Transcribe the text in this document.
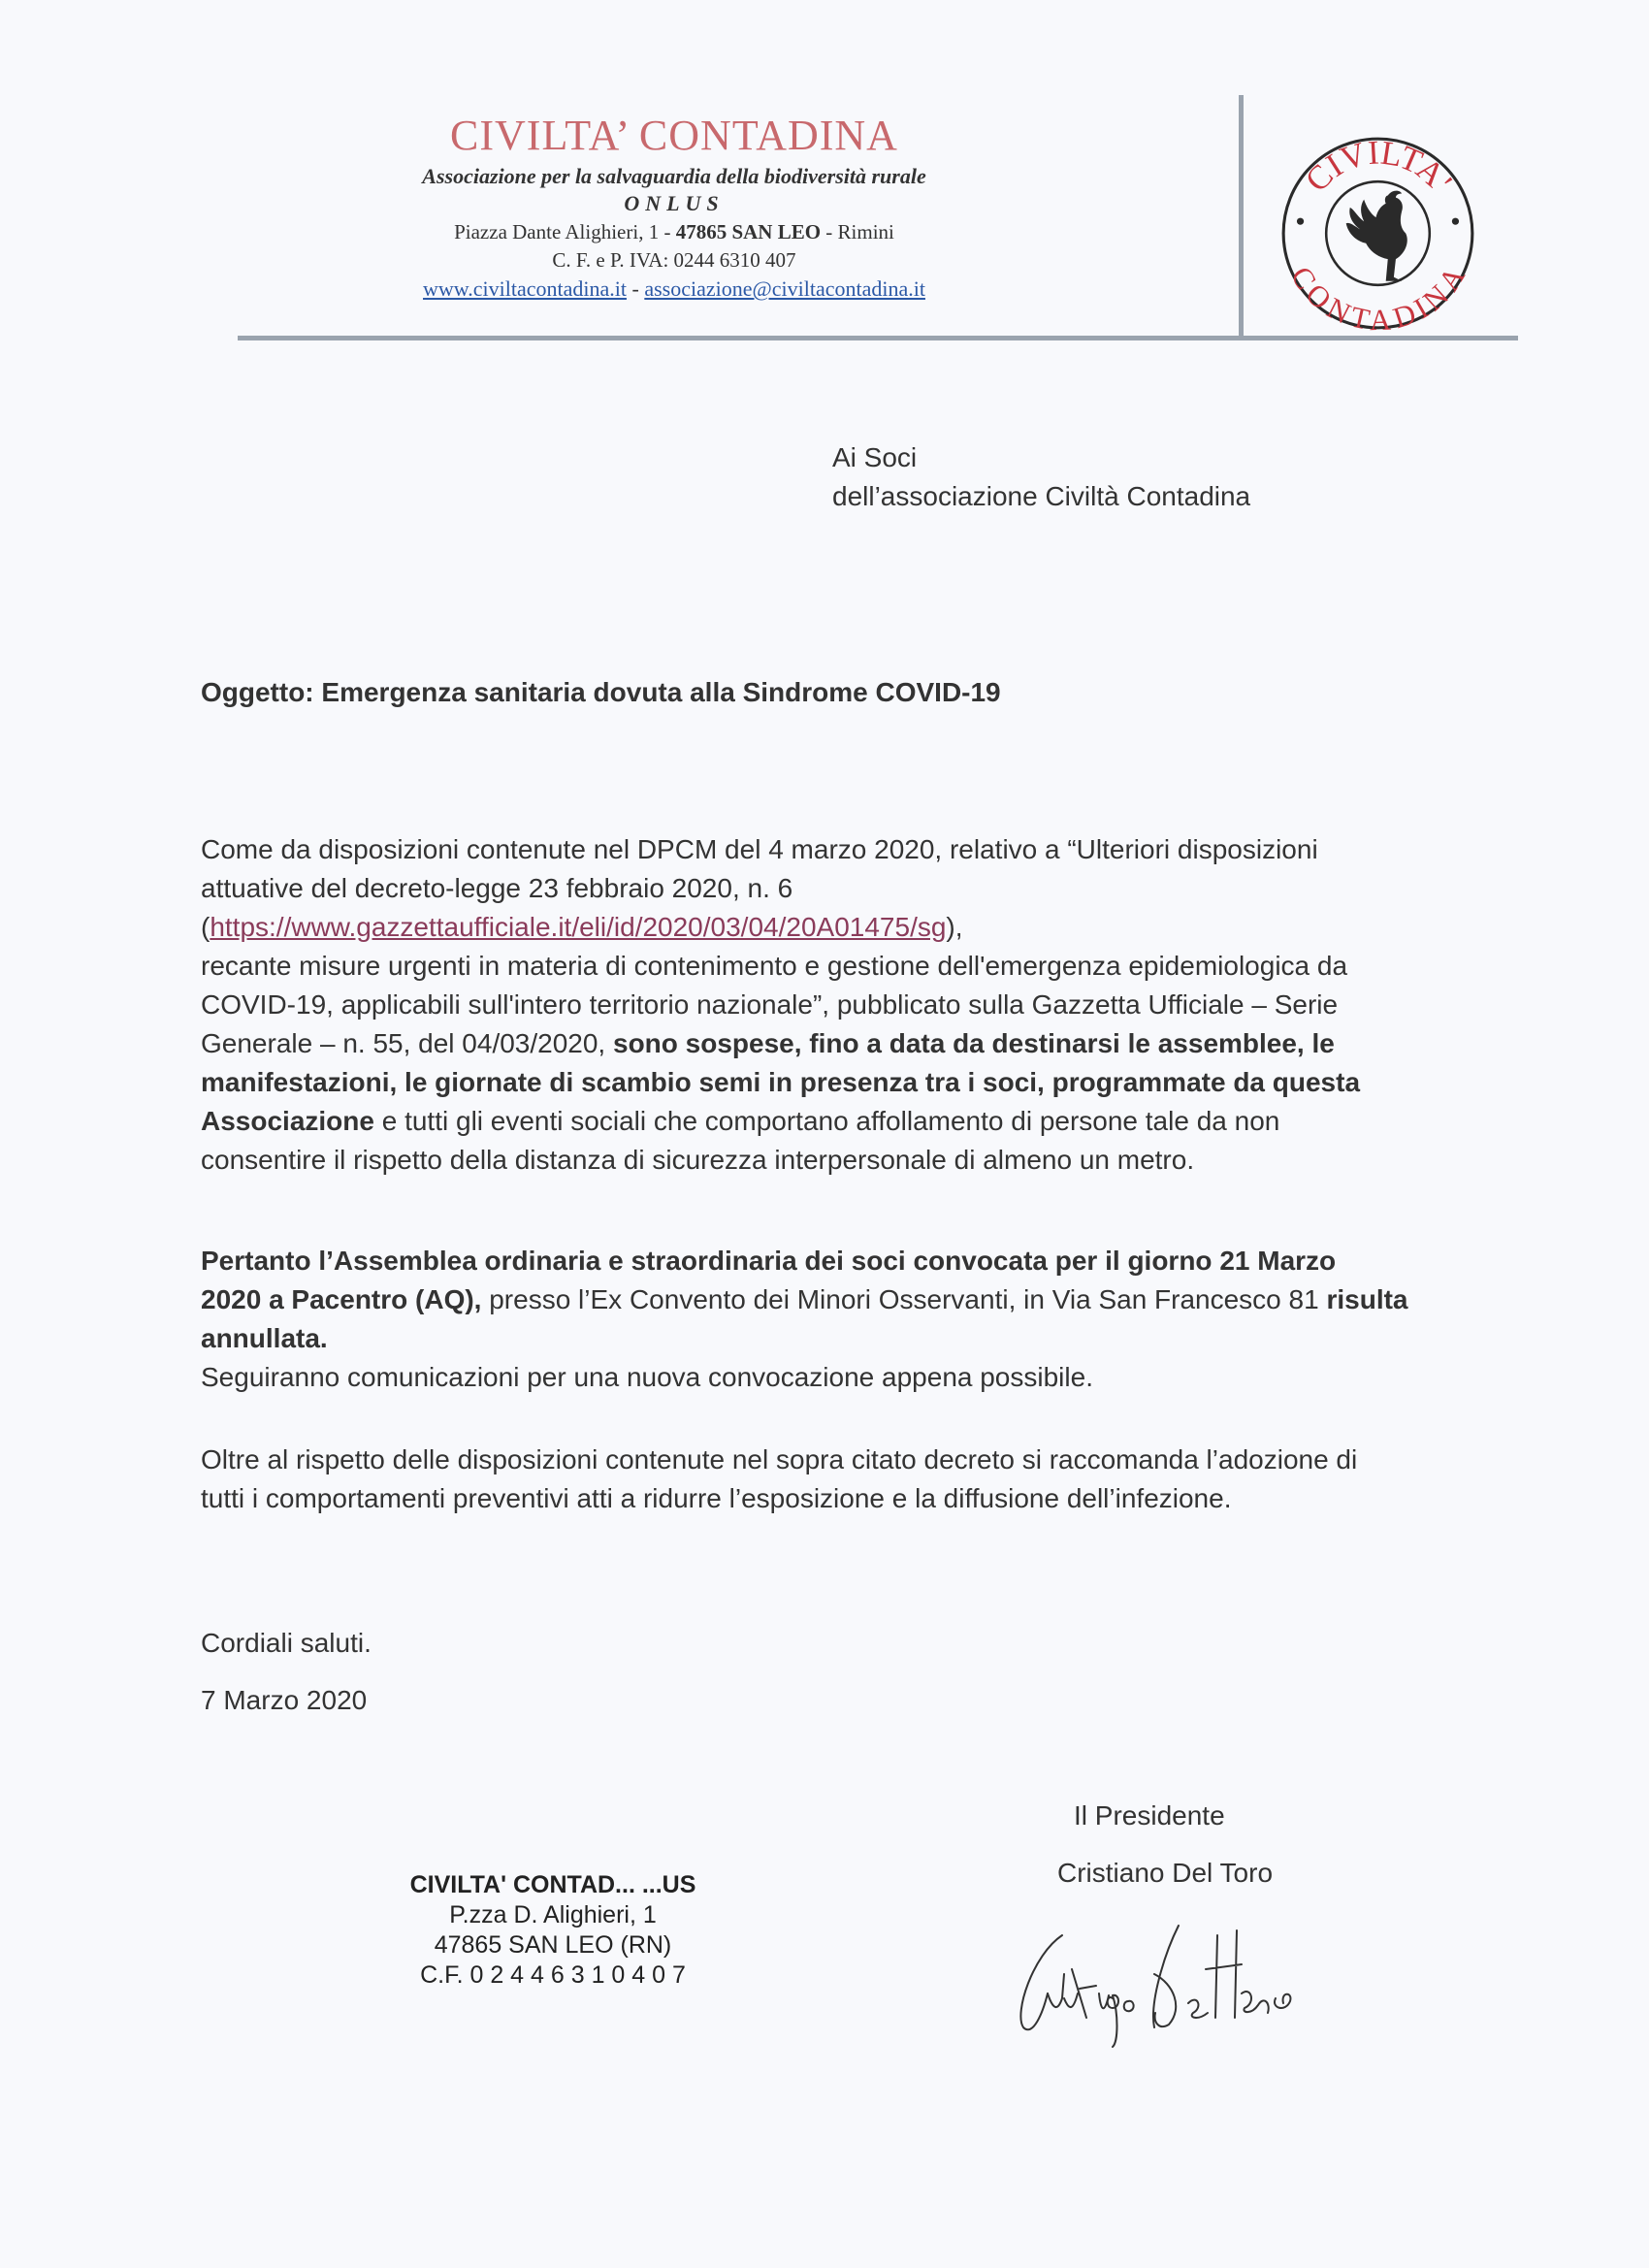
CIVILTA’ CONTADINA
Associazione per la salvaguardia della biodiversità rurale
ONLUS
Piazza Dante Alighieri, 1 - 47865 SAN LEO - Rimini
C. F. e P. IVA: 0244 6310 407
www.civiltacontadina.it - associazione@civiltacontadina.it
CIVILTA'
CONTADINA
Ai Soci
dell’associazione Civiltà Contadina
Oggetto: Emergenza sanitaria dovuta alla Sindrome COVID-19
Come da disposizioni contenute nel DPCM del 4 marzo 2020, relativo a “Ulteriori disposizioni
attuative del decreto-legge 23 febbraio 2020, n. 6
(https://www.gazzettaufficiale.it/eli/id/2020/03/04/20A01475/sg),
recante misure urgenti in materia di contenimento e gestione dell'emergenza epidemiologica da
COVID-19, applicabili sull'intero territorio nazionale”, pubblicato sulla Gazzetta Ufficiale – Serie
Generale – n. 55, del 04/03/2020, sono sospese, fino a data da destinarsi le assemblee, le
manifestazioni, le giornate di scambio semi in presenza tra i soci, programmate da questa
Associazione e tutti gli eventi sociali che comportano affollamento di persone tale da non
consentire il rispetto della distanza di sicurezza interpersonale di almeno un metro.
Pertanto l’Assemblea ordinaria e straordinaria dei soci convocata per il giorno 21 Marzo
2020 a Pacentro (AQ), presso l’Ex Convento dei Minori Osservanti, in Via San Francesco 81 risulta
annullata.
Seguiranno comunicazioni per una nuova convocazione appena possibile.
Oltre al rispetto delle disposizioni contenute nel sopra citato decreto si raccomanda l’adozione di
tutti i comportamenti preventivi atti a ridurre l’esposizione e la diffusione dell’infezione.
Cordiali saluti.
7 Marzo 2020
Il Presidente
Cristiano Del Toro
CIVILTA' CONTAD... ...US
P.zza D. Alighieri, 1
47865 SAN LEO (RN)
C.F. 0 2 4 4 6 3 1 0 4 0 7
